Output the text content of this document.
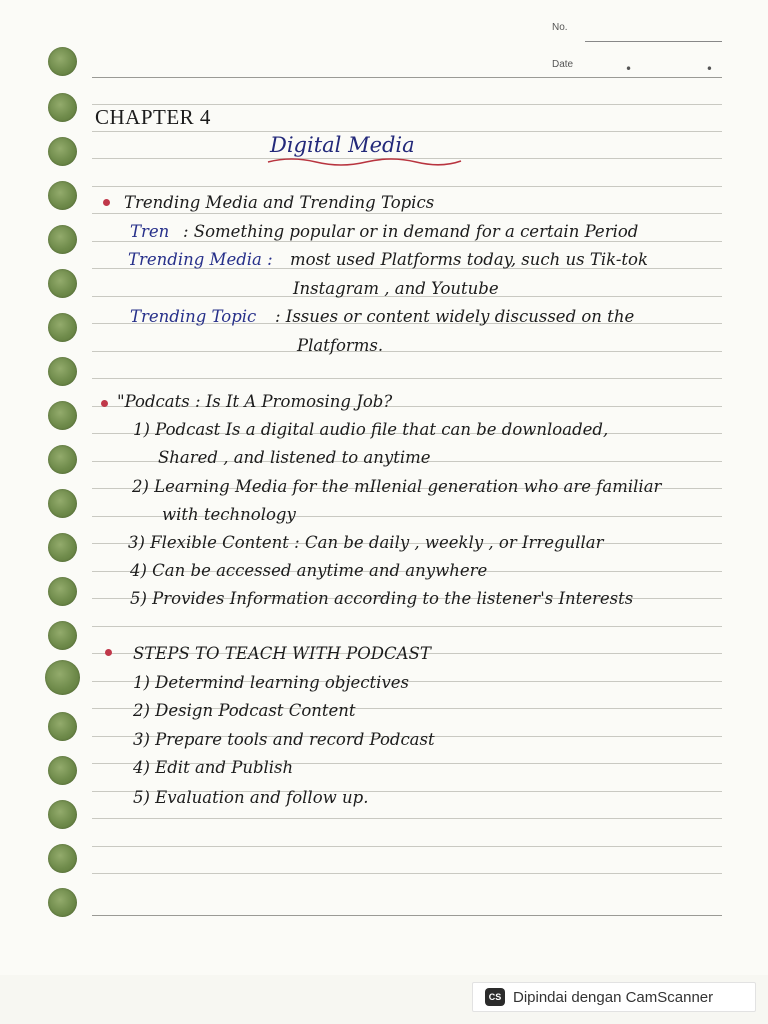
No.
Date	• •
CHAPTER 4
Digital Media
Trending Media and Trending Topics
Tren : Something popular or in demand for a certain Period
Trending Media : most used Platforms today, such us Tik-tok
Instagram , and Youtube
Trending Topic : Issues or content widely discussed on the
Platforms.
"Podcats : Is It A Promosing Job?
1) Podcast Is a digital audio file that can be downloaded,
Shared , and listened to anytime
2) Learning Media for the mIlenial generation who are familiar
with technology
3) Flexible Content : Can be daily , weekly , or Irregullar
4) Can be accessed anytime and anywhere
5) Provides Information according to the listener's Interests
STEPS TO TEACH WITH PODCAST
1) Determind learning objectives
2) Design Podcast Content
3) Prepare tools and record Podcast
4) Edit and Publish
5) Evaluation and follow up.
CS Dipindai dengan CamScanner
